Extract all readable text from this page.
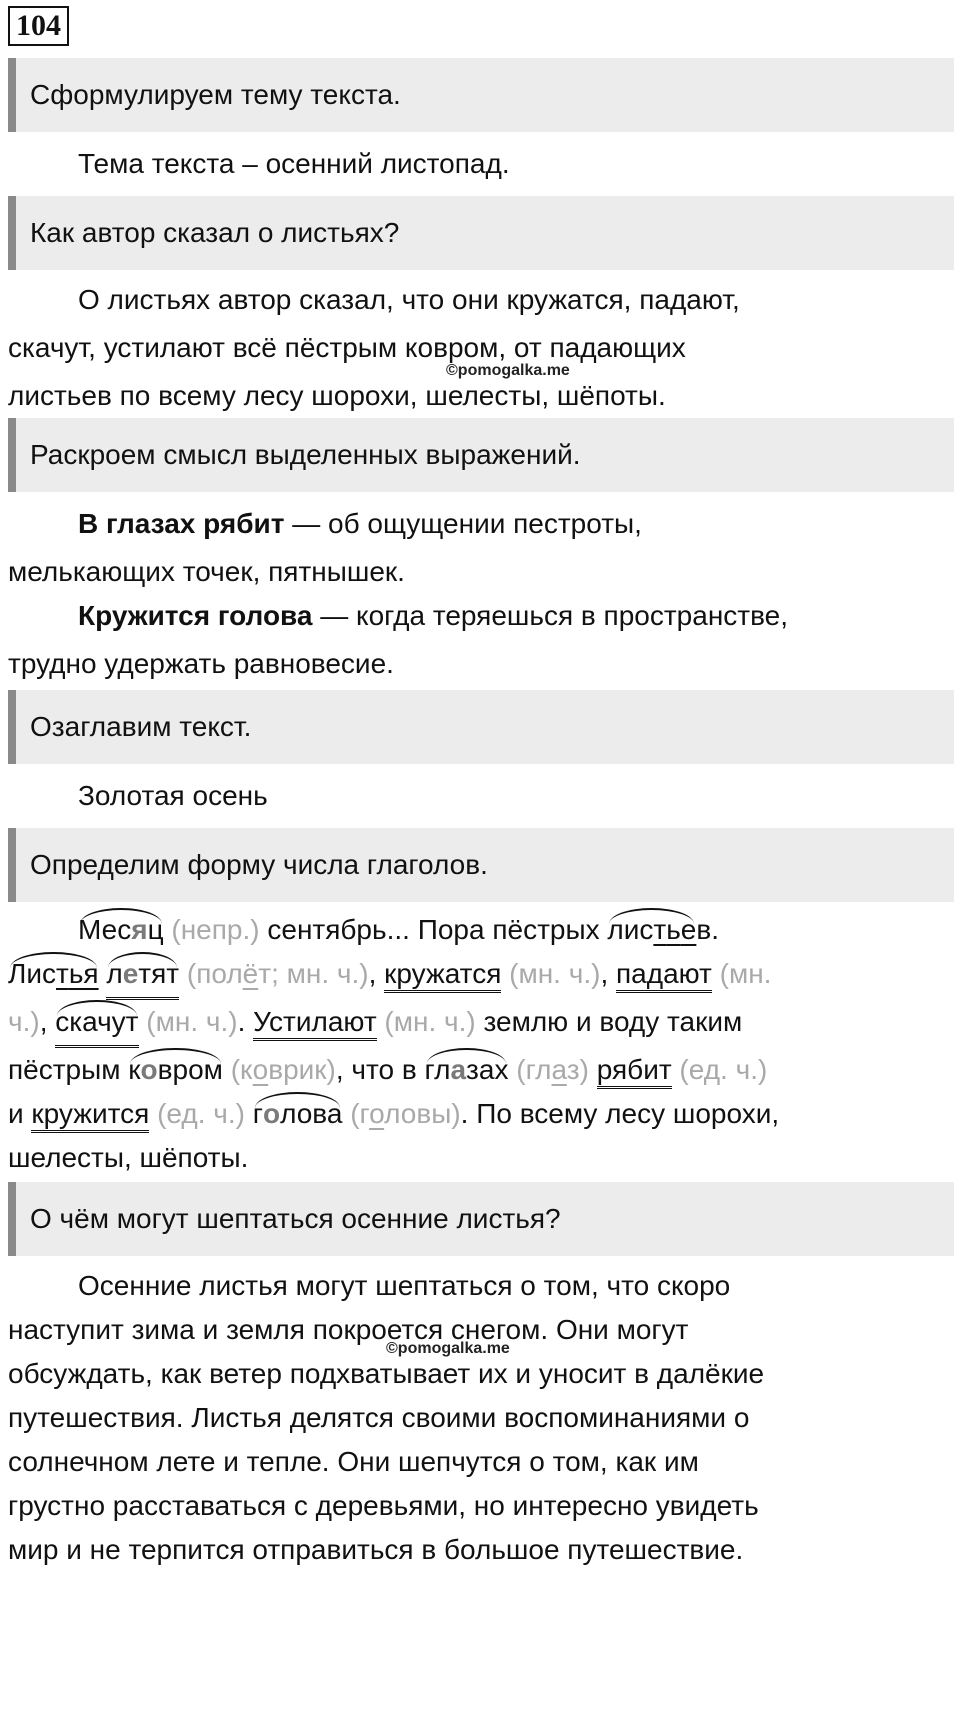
104
Сформулируем тему текста.
Тема текста – осенний листопад.
Как автор сказал о листьях?
О листьях автор сказал, что они кружатся, падают,
скачут, устилают всё пёстрым ковром, от падающих
листьев по всему лесу шорохи, шелесты, шёпоты.
©pomogalka.me
Раскроем смысл выделенных выражений.
В глазах рябит — об ощущении пестроты,
мелькающих точек, пятнышек.
Кружится голова — когда теряешься в пространстве,
трудно удержать равновесие.
Озаглавим текст.
Золотая осень
Определим форму числа глаголов.
Месяц (непр.) сентябрь... Пора пёстрых листьев.
Листья летят (полёт; мн. ч.), кружатся (мн. ч.), падают (мн.
ч.), скачут (мн. ч.). Устилают (мн. ч.) землю и воду таким
пёстрым ковром (коврик), что в глазах (глаз) рябит (ед. ч.)
и кружится (ед. ч.) голова (головы). По всему лесу шорохи,
шелесты, шёпоты.
О чём могут шептаться осенние листья?
Осенние листья могут шептаться о том, что скоро
наступит зима и земля покроется снегом. Они могут
обсуждать, как ветер подхватывает их и уносит в далёкие
путешествия. Листья делятся своими воспоминаниями о
солнечном лете и тепле. Они шепчутся о том, как им
грустно расставаться с деревьями, но интересно увидеть
мир и не терпится отправиться в большое путешествие.
©pomogalka.me
